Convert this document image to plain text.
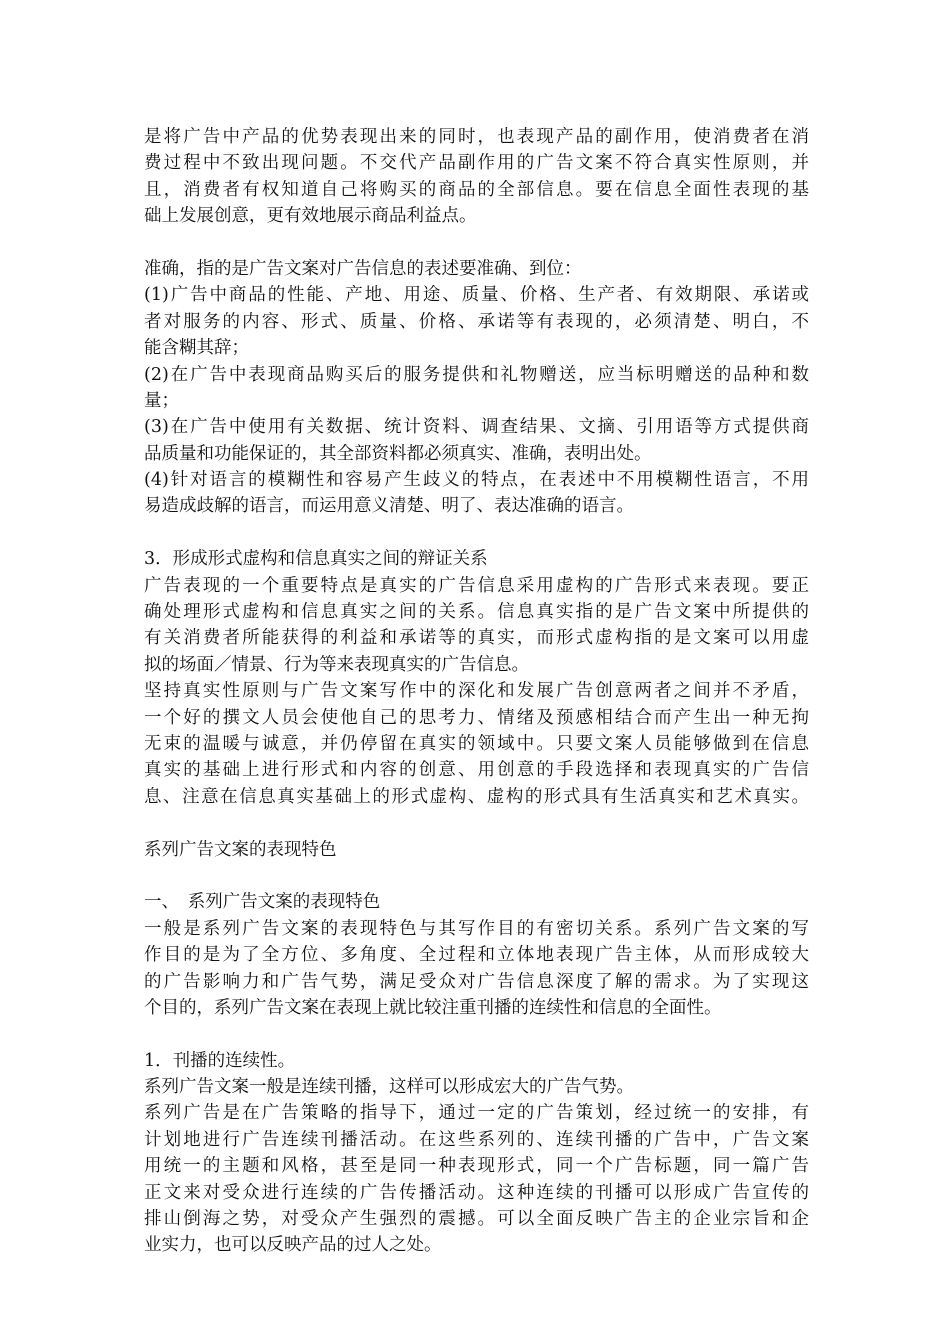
是将广告中产品的优势表现出来的同时，也表现产品的副作用，使消费者在消
费过程中不致出现问题。不交代产品副作用的广告文案不符合真实性原则，并
且，消费者有权知道自己将购买的商品的全部信息。要在信息全面性表现的基
础上发展创意，更有效地展示商品利益点。
准确，指的是广告文案对广告信息的表述要准确、到位：
(1)广告中商品的性能、产地、用途、质量、价格、生产者、有效期限、承诺或
者对服务的内容、形式、质量、价格、承诺等有表现的，必须清楚、明白，不
能含糊其辞；
(2)在广告中表现商品购买后的服务提供和礼物赠送，应当标明赠送的品种和数
量；
(3)在广告中使用有关数据、统计资料、调查结果、文摘、引用语等方式提供商
品质量和功能保证的，其全部资料都必须真实、准确，表明出处。
(4)针对语言的模糊性和容易产生歧义的特点，在表述中不用模糊性语言，不用
易造成歧解的语言，而运用意义清楚、明了、表达准确的语言。
3．形成形式虚构和信息真实之间的辩证关系
广告表现的一个重要特点是真实的广告信息采用虚构的广告形式来表现。要正
确处理形式虚构和信息真实之间的关系。信息真实指的是广告文案中所提供的
有关消费者所能获得的利益和承诺等的真实，而形式虚构指的是文案可以用虚
拟的场面／情景、行为等来表现真实的广告信息。
坚持真实性原则与广告文案写作中的深化和发展广告创意两者之间并不矛盾，
一个好的撰文人员会使他自己的思考力、情绪及预感相结合而产生出一种无拘
无束的温暖与诚意，并仍停留在真实的领域中。只要文案人员能够做到在信息
真实的基础上进行形式和内容的创意、用创意的手段选择和表现真实的广告信
息、注意在信息真实基础上的形式虚构、虚构的形式具有生活真实和艺术真实。
系列广告文案的表现特色
一、　系列广告文案的表现特色
一般是系列广告文案的表现特色与其写作目的有密切关系。系列广告文案的写
作目的是为了全方位、多角度、全过程和立体地表现广告主体，从而形成较大
的广告影响力和广告气势，满足受众对广告信息深度了解的需求。为了实现这
个目的，系列广告文案在表现上就比较注重刊播的连续性和信息的全面性。
1．刊播的连续性。
系列广告文案一般是连续刊播，这样可以形成宏大的广告气势。
系列广告是在广告策略的指导下，通过一定的广告策划，经过统一的安排，有
计划地进行广告连续刊播活动。在这些系列的、连续刊播的广告中，广告文案
用统一的主题和风格，甚至是同一种表现形式，同一个广告标题，同一篇广告
正文来对受众进行连续的广告传播活动。这种连续的刊播可以形成广告宣传的
排山倒海之势，对受众产生强烈的震撼。可以全面反映广告主的企业宗旨和企
业实力，也可以反映产品的过人之处。
